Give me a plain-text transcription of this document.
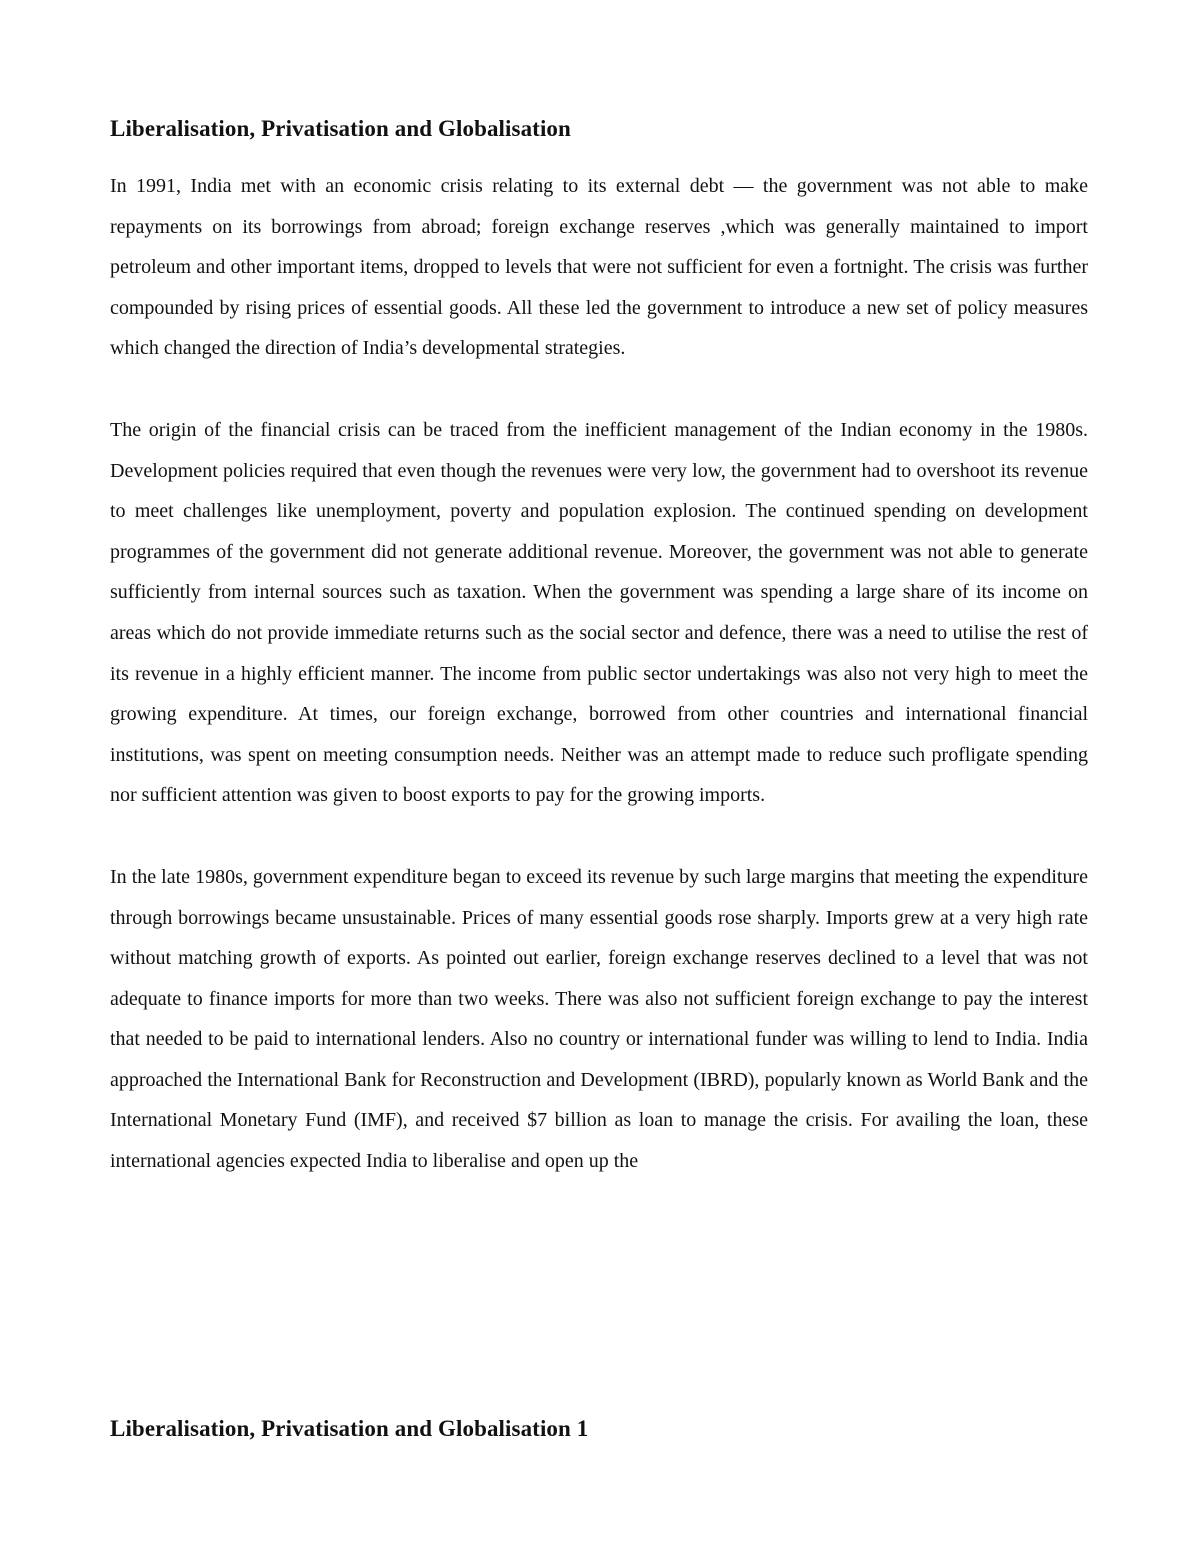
Liberalisation, Privatisation and Globalisation

In 1991, India met with an economic crisis relating to its external debt — the government was not able to make repayments on its borrowings from abroad; foreign exchange reserves ,which was generally maintained to import petroleum and other important items, dropped to levels that were not sufficient for even a fortnight. The crisis was further compounded by rising prices of essential goods. All these led the government to introduce a new set of policy measures which changed the direction of India’s developmental strategies.

The origin of the financial crisis can be traced from the inefficient management of the Indian economy in the 1980s. Development policies required that even though the revenues were very low, the government had to overshoot its revenue to meet challenges like unemployment, poverty and population explosion. The continued spending on development programmes of the government did not generate additional revenue. Moreover, the government was not able to generate sufficiently from internal sources such as taxation. When the government was spending a large share of its income on areas which do not provide immediate returns such as the social sector and defence, there was a need to utilise the rest of its revenue in a highly efficient manner. The income from public sector undertakings was also not very high to meet the growing expenditure. At times, our foreign exchange, borrowed from other countries and international financial institutions, was spent on meeting consumption needs. Neither was an attempt made to reduce such profligate spending nor sufficient attention was given to boost exports to pay for the growing imports.

In the late 1980s, government expenditure began to exceed its revenue by such large margins that meeting the expenditure through borrowings became unsustainable. Prices of many essential goods rose sharply. Imports grew at a very high rate without matching growth of exports. As pointed out earlier, foreign exchange reserves declined to a level that was not adequate to finance imports for more than two weeks. There was also not sufficient foreign exchange to pay the interest that needed to be paid to international lenders. Also no country or international funder was willing to lend to India. India approached the International Bank for Reconstruction and Development (IBRD), popularly known as World Bank and the International Monetary Fund (IMF), and received $7 billion as loan to manage the crisis. For availing the loan, these international agencies expected India to liberalise and open up the

Liberalisation, Privatisation and Globalisation 1
